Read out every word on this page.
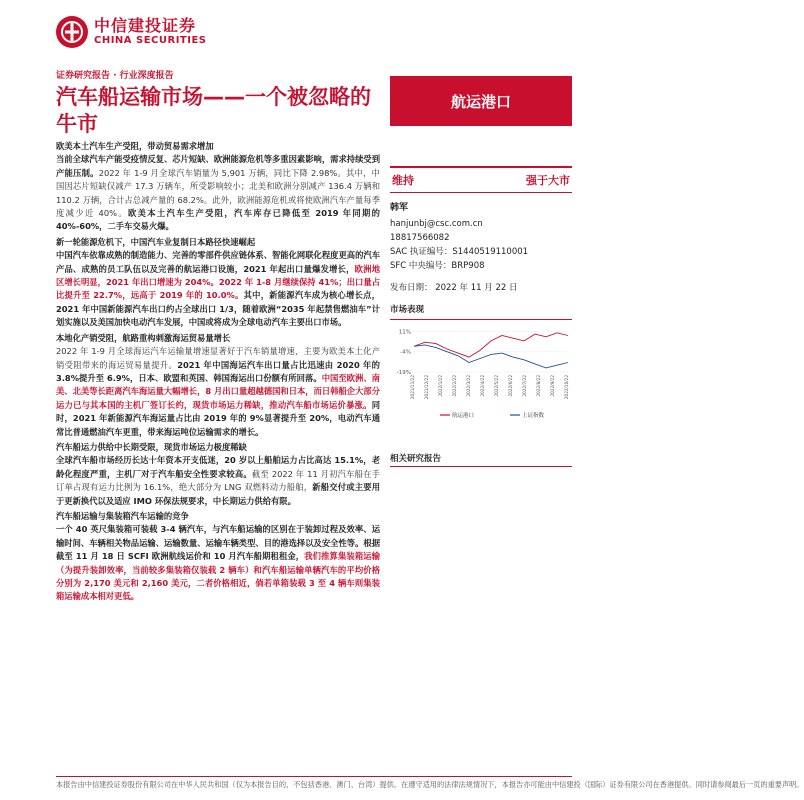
中信建投证券
CHINA SECURITIES
证券研究报告 · 行业深度报告
汽车船运输市场——一个被忽略的牛市
航运港口
欧美本土汽车生产受阻，带动贸易需求增加

当前全球汽车产能受疫情反复、芯片短缺、欧洲能源危机等多重因素影响，需求持续受到产能压制。2022 年 1-9 月全球汽车销量为 5,901 万辆，同比下降 2.98%。其中，中国因芯片短缺仅减产 17.3 万辆车，所受影响较小；北美和欧洲分别减产 136.4 万辆和 110.2 万辆，合计占总减产量的 68.2%。此外，欧洲能源危机或将使欧洲汽车产量每季度减少近 40%。欧美本土汽车生产受阻，汽车库存已降低至 2019 年同期的 40%-60%，二手车交易火爆。

新一轮能源危机下，中国汽车业复制日本路径快速崛起

中国汽车依靠成熟的制造能力、完善的零部件供应链体系、智能化网联化程度更高的汽车产品、成熟的员工队伍以及完善的航运港口设施，2021 年起出口量爆发增长，欧洲地区增长明显，2021 年出口增速为 204%。2022 年 1-8 月继续保持 41%；出口量占比提升至 22.7%，远高于 2019 年的 10.0%。其中，新能源汽车成为核心增长点，2021 年中国新能源汽车出口约占全球出口 1/3，随着欧洲“2035 年起禁售燃油车”计划实施以及美国加快电动汽车发展，中国或将成为全球电动汽车主要出口市场。

本地化产销受阻，航路重构刺激海运贸易量增长

2022 年 1-9 月全球海运汽车运输量增速显著好于汽车销量增速，主要为欧美本土化产销受阻带来的海运贸易量提升。2021 年中国海运汽车出口量占比迅速由 2020 年的 3.8%提升至 6.9%，日本、欧盟和英国、韩国海运出口份额有所回落。中国至欧洲、南美、北美等长距离汽车海运量大幅增长，8 月出口量超越德国和日本，而日韩船企大部分运力已与其本国的主机厂签订长约，现货市场运力稀缺，推动汽车船市场运价暴涨。同时，2021 年新能源汽车海运量占比由 2019 年的 9%显著提升至 20%，电动汽车通常比普通燃油汽车更重，带来海运吨位运输需求的增长。

汽车船运力供给中长期受限，现货市场运力极度稀缺

全球汽车船市场经历长达十年资本开支低迷，20 岁以上船舶运力占比高达 15.1%，老龄化程度严重，主机厂对于汽车船安全性要求较高。截至 2022 年 11 月初汽车船在手订单占现有运力比例为 16.1%，绝大部分为 LNG 双燃料动力船舶，新船交付或主要用于更新换代以及适应 IMO 环保法规要求，中长期运力供给有限。

汽车船运输与集装箱汽车运输的竞争

一个 40 英尺集装箱可装载 3-4 辆汽车，与汽车船运输的区别在于装卸过程及效率、运输时间、车辆相关物品运输、运输数量、运输车辆类型、目的港选择以及安全性等。根据截至 11 月 18 日 SCFI 欧洲航线运价和 10 月汽车船期租租金，我们推算集装箱运输（为提升装卸效率，当前较多集装箱仅装载 2 辆车）和汽车船运输单辆汽车的平均价格分别为 2,170 美元和 2,160 美元，二者价格相近，倘若单箱装载 3 至 4 辆车则集装箱运输成本相对更低。

维持	强于大市
韩军
hanjunbj@csc.com.cn
18817566082
SAC 执证编号：S1440519110001
SFC 中央编号：BRP908
发布日期： 2022 年 11 月 22 日
市场表现
11%
-4%
-19%
2021/11/22 2021/12/22 2022/1/22 2022/2/22 2022/3/22 2022/4/22 2022/5/22 2022/6/22 2022/7/22 2022/8/22 2022/9/22 2022/10/22
航运港口	上证指数
相关研究报告
本报告由中信建投证券股份有限公司在中华人民共和国（仅为本报告目的，不包括香港、澳门、台湾）提供。在遵守适用的法律法规情况下，本报告亦可能由中信建投（国际）证券有限公司在香港提供。同时请参阅最后一页的重要声明。
